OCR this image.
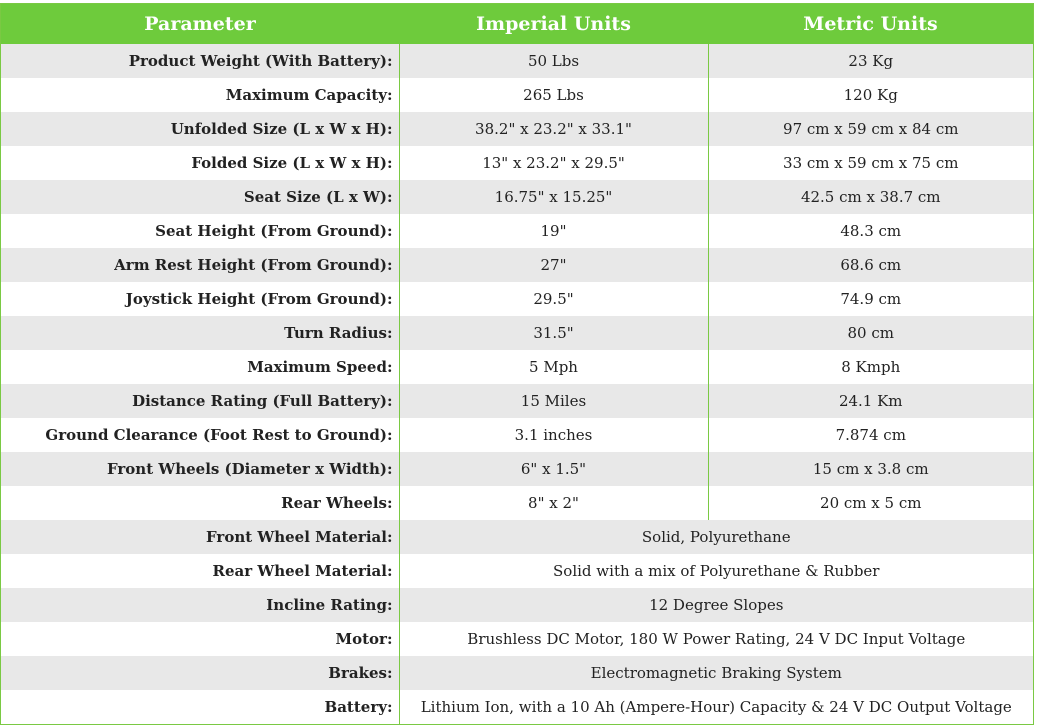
Parameter	Imperial Units	Metric Units
Product Weight (With Battery):	50 Lbs	23 Kg
Maximum Capacity:	265 Lbs	120 Kg
Unfolded Size (L x W x H):	38.2" x 23.2" x 33.1"	97 cm x 59 cm x 84 cm
Folded Size (L x W x H):	13" x 23.2" x 29.5"	33 cm x 59 cm x 75 cm
Seat Size (L x W):	16.75" x 15.25"	42.5 cm x 38.7 cm
Seat Height (From Ground):	19"	48.3 cm
Arm Rest Height (From Ground):	27"	68.6 cm
Joystick Height (From Ground):	29.5"	74.9 cm
Turn Radius:	31.5"	80 cm
Maximum Speed:	5 Mph	8 Kmph
Distance Rating (Full Battery):	15 Miles	24.1 Km
Ground Clearance (Foot Rest to Ground):	3.1 inches	7.874 cm
Front Wheels (Diameter x Width):	6" x 1.5"	15 cm x 3.8 cm
Rear Wheels:	8" x 2"	20 cm x 5 cm
Front Wheel Material:	Solid, Polyurethane	
Rear Wheel Material:	Solid with a mix of Polyurethane & Rubber	
Incline Rating:	12 Degree Slopes	
Motor:	Brushless DC Motor, 180 W Power Rating, 24 V DC Input Voltage	
Brakes:	Electromagnetic Braking System	
Battery:	Lithium Ion, with a 10 Ah (Ampere-Hour) Capacity & 24 V DC Output Voltage	
